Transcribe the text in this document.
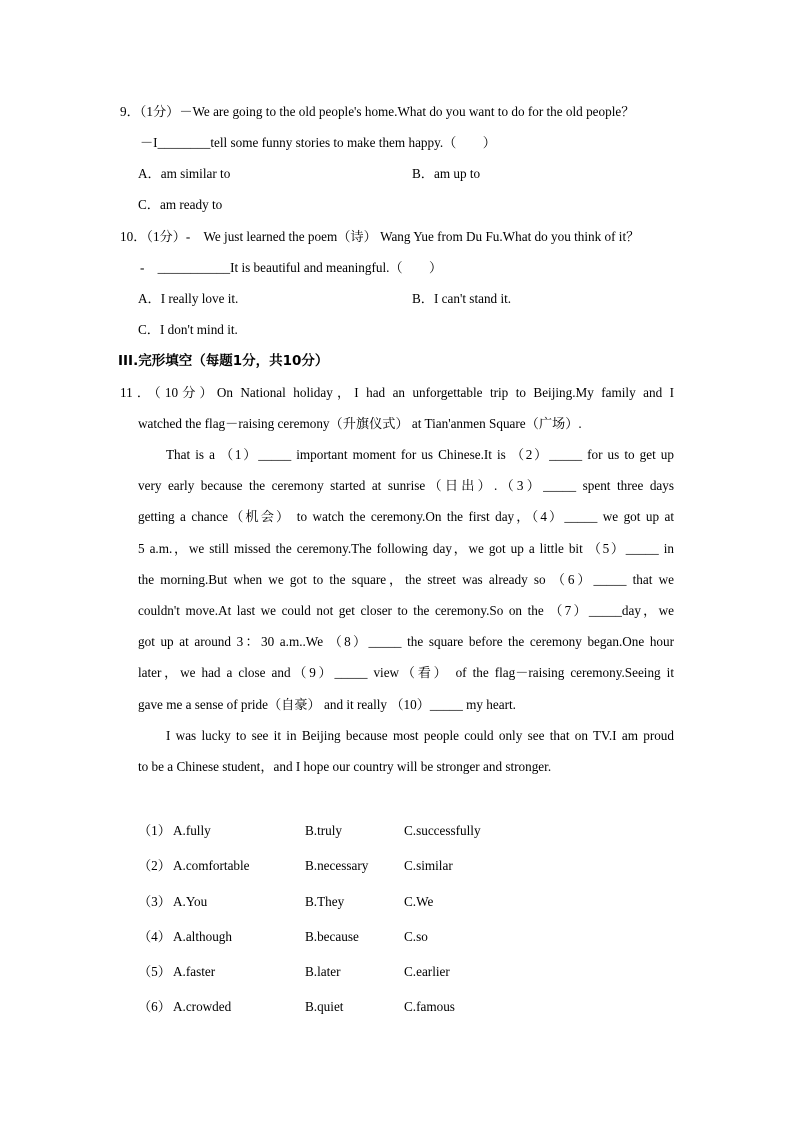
9．（1分）－We are going to the old people's home.What do you want to do for the old people？
－I________tell some funny stories to make them happy.（　　）
A．am similar to	B．am up to
C．am ready to
10．（1分）-　We just learned the poem（诗） Wang Yue from Du Fu.What do you think of it？
-　___________It is beautiful and meaningful.（　　）
A．I really love it.	B．I can't stand it.
C．I don't mind it.
III.完形填空（每题1分，共10分）
11．（10分）On National holiday，I had an unforgettable trip to Beijing.My family and I
watched the flag－raising ceremony（升旗仪式） at Tian'anmen Square（广场）.
That is a （1）_____ important moment for us Chinese.It is （2）_____ for us to get up
very early because the ceremony started at sunrise（日出）.（3）_____ spent three days
getting a chance（机会） to watch the ceremony.On the first day，（4）_____ we got up at
5 a.m.，we still missed the ceremony.The following day，we got up a little bit （5）_____ in
the morning.But when we got to the square，the street was already so （6）_____ that we
couldn't move.At last we could not get closer to the ceremony.So on the （7）_____day，we
got up at around 3：30 a.m..We （8）_____ the square before the ceremony began.One hour
later，we had a close and（9）_____ view（看） of the flag－raising ceremony.Seeing it
gave me a sense of pride（自豪） and it really （10）_____ my heart.
I was lucky to see it in Beijing because most people could only see that on TV.I am proud
to be a Chinese student，and I hope our country will be stronger and stronger.
（1） A.fully	B.truly	C.successfully
（2） A.comfortable	B.necessary	C.similar
（3） A.You	B.They	C.We
（4） A.although	B.because	C.so
（5） A.faster	B.later	C.earlier
（6） A.crowded	B.quiet	C.famous
